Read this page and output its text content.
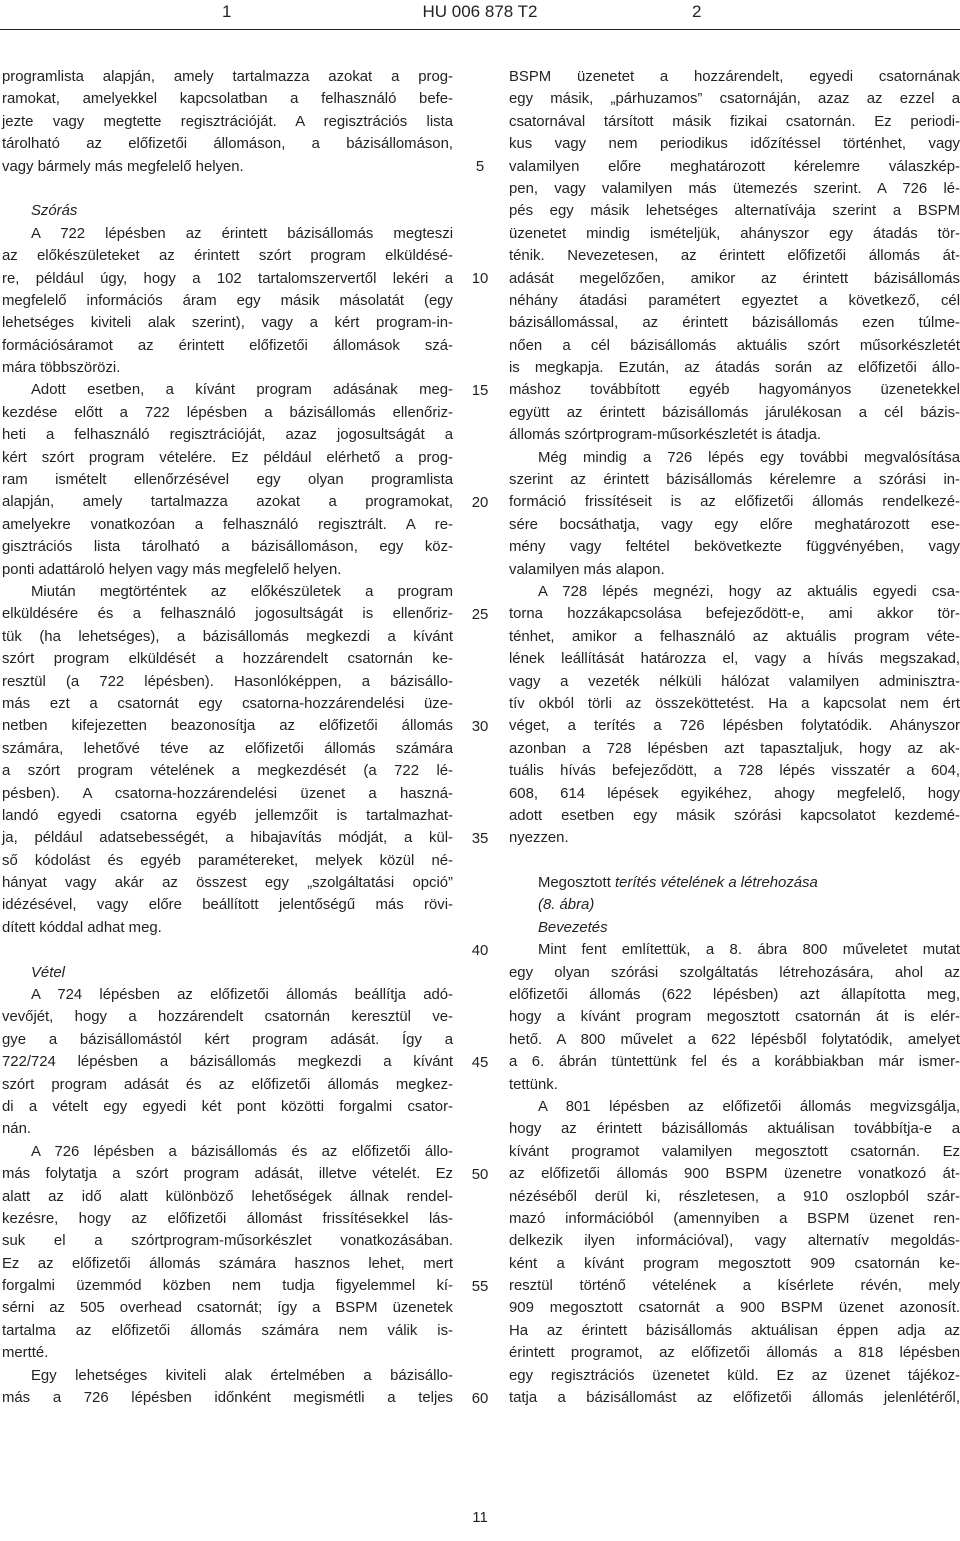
1	HU 006 878 T2	2
programlista alapján, amely tartalmazza azokat a prog-
ramokat, amelyekkel kapcsolatban a felhasználó befe-
jezte vagy megtette regisztrációját. A regisztrációs lista
tárolható az előfizetői állomáson, a bázisállomáson,
vagy bármely más megfelelő helyen.
Szórás
A 722 lépésben az érintett bázisállomás megteszi
az előkészületeket az érintett szórt program elküldésé-
re, például úgy, hogy a 102 tartalomszervertől lekéri a
megfelelő információs áram egy másik másolatát (egy
lehetséges kiviteli alak szerint), vagy a kért program-in-
formációsáramot az érintett előfizetői állomások szá-
mára többszörözi.
Adott esetben, a kívánt program adásának meg-
kezdése előtt a 722 lépésben a bázisállomás ellenőriz-
heti a felhasználó regisztrációját, azaz jogosultságát a
kért szórt program vételére. Ez például elérhető a prog-
ram ismételt ellenőrzésével egy olyan programlista
alapján, amely tartalmazza azokat a programokat,
amelyekre vonatkozóan a felhasználó regisztrált. A re-
gisztrációs lista tárolható a bázisállomáson, egy köz-
ponti adattároló helyen vagy más megfelelő helyen.
Miután megtörténtek az előkészületek a program
elküldésére és a felhasználó jogosultságát is ellenőriz-
tük (ha lehetséges), a bázisállomás megkezdi a kívánt
szórt program elküldését a hozzárendelt csatornán ke-
resztül (a 722 lépésben). Hasonlóképpen, a bázisállo-
más ezt a csatornát egy csatorna-hozzárendelési üze-
netben kifejezetten beazonosítja az előfizetői állomás
számára, lehetővé téve az előfizetői állomás számára
a szórt program vételének a megkezdését (a 722 lé-
pésben). A csatorna-hozzárendelési üzenet a haszná-
landó egyedi csatorna egyéb jellemzőit is tartalmazhat-
ja, például adatsebességét, a hibajavítás módját, a kül-
ső kódolást és egyéb paramétereket, melyek közül né-
hányat vagy akár az összest egy „szolgáltatási opció”
idézésével, vagy előre beállított jelentőségű más rövi-
dített kóddal adhat meg.
Vétel
A 724 lépésben az előfizetői állomás beállítja adó-
vevőjét, hogy a hozzárendelt csatornán keresztül ve-
gye a bázisállomástól kért program adását. Így a
722/724 lépésben a bázisállomás megkezdi a kívánt
szórt program adását és az előfizetői állomás megkez-
di a vételt egy egyedi két pont közötti forgalmi csator-
nán.
A 726 lépésben a bázisállomás és az előfizetői állo-
más folytatja a szórt program adását, illetve vételét. Ez
alatt az idő alatt különböző lehetőségek állnak rendel-
kezésre, hogy az előfizetői állomást frissítésekkel lás-
suk el a szórtprogram-műsorkészlet vonatkozásában.
Ez az előfizetői állomás számára hasznos lehet, mert
forgalmi üzemmód közben nem tudja figyelemmel kí-
sérni az 505 overhead csatornát; így a BSPM üzenetek
tartalma az előfizetői állomás számára nem válik is-
mertté.
Egy lehetséges kiviteli alak értelmében a bázisállo-
más a 726 lépésben időnként megismétli a teljes
BSPM üzenetet a hozzárendelt, egyedi csatornának
egy másik, „párhuzamos” csatornáján, azaz az ezzel a
csatornával társított másik fizikai csatornán. Ez periodi-
kus vagy nem periodikus időzítéssel történhet, vagy
valamilyen előre meghatározott kérelemre válaszkép-
pen, vagy valamilyen más ütemezés szerint. A 726 lé-
pés egy másik lehetséges alternatívája szerint a BSPM
üzenetet mindig ismételjük, ahányszor egy átadás tör-
ténik. Nevezetesen, az érintett előfizetői állomás át-
adását megelőzően, amikor az érintett bázisállomás
néhány átadási paramétert egyeztet a következő, cél
bázisállomással, az érintett bázisállomás ezen túlme-
nően a cél bázisállomás aktuális szórt műsorkészletét
is megkapja. Ezután, az átadás során az előfizetői állo-
máshoz továbbított egyéb hagyományos üzenetekkel
együtt az érintett bázisállomás járulékosan a cél bázis-
állomás szórtprogram-műsorkészletét is átadja.
Még mindig a 726 lépés egy további megvalósítása
szerint az érintett bázisállomás kérelemre a szórási in-
formáció frissítéseit is az előfizetői állomás rendelkezé-
sére bocsáthatja, vagy egy előre meghatározott ese-
mény vagy feltétel bekövetkezte függvényében, vagy
valamilyen más alapon.
A 728 lépés megnézi, hogy az aktuális egyedi csa-
torna hozzákapcsolása befejeződött-e, ami akkor tör-
ténhet, amikor a felhasználó az aktuális program véte-
lének leállítását határozza el, vagy a hívás megszakad,
vagy a vezeték nélküli hálózat valamilyen adminisztra-
tív okból törli az összeköttetést. Ha a kapcsolat nem ért
véget, a terítés a 726 lépésben folytatódik. Ahányszor
azonban a 728 lépésben azt tapasztaljuk, hogy az ak-
tuális hívás befejeződött, a 728 lépés visszatér a 604,
608, 614 lépések egyikéhez, ahogy megfelelő, hogy
adott esetben egy másik szórási kapcsolatot kezdemé-
nyezzen.
Megosztott terítés vételének a létrehozása
(8. ábra)
Bevezetés
Mint fent említettük, a 8. ábra 800 műveletet mutat
egy olyan szórási szolgáltatás létrehozására, ahol az
előfizetői állomás (622 lépésben) azt állapította meg,
hogy a kívánt program megosztott csatornán át is elér-
hető. A 800 művelet a 622 lépésből folytatódik, amelyet
a 6. ábrán tüntettünk fel és a korábbiakban már ismer-
tettünk.
A 801 lépésben az előfizetői állomás megvizsgálja,
hogy az érintett bázisállomás aktuálisan továbbítja-e a
kívánt programot valamilyen megosztott csatornán. Ez
az előfizetői állomás 900 BSPM üzenetre vonatkozó át-
nézéséből derül ki, részletesen, a 910 oszlopból szár-
mazó információból (amennyiben a BSPM üzenet ren-
delkezik ilyen információval), vagy alternatív megoldás-
ként a kívánt program megosztott 909 csatornán ke-
resztül történő vételének a kísérlete révén, mely
909 megosztott csatornát a 900 BSPM üzenet azonosít.
Ha az érintett bázisállomás aktuálisan éppen adja az
érintett programot, az előfizetői állomás a 818 lépésben
egy regisztrációs üzenetet küld. Ez az üzenet tájékoz-
tatja a bázisállomást az előfizetői állomás jelenlétéről,
5
10
15
20
25
30
35
40
45
50
55
60
11
